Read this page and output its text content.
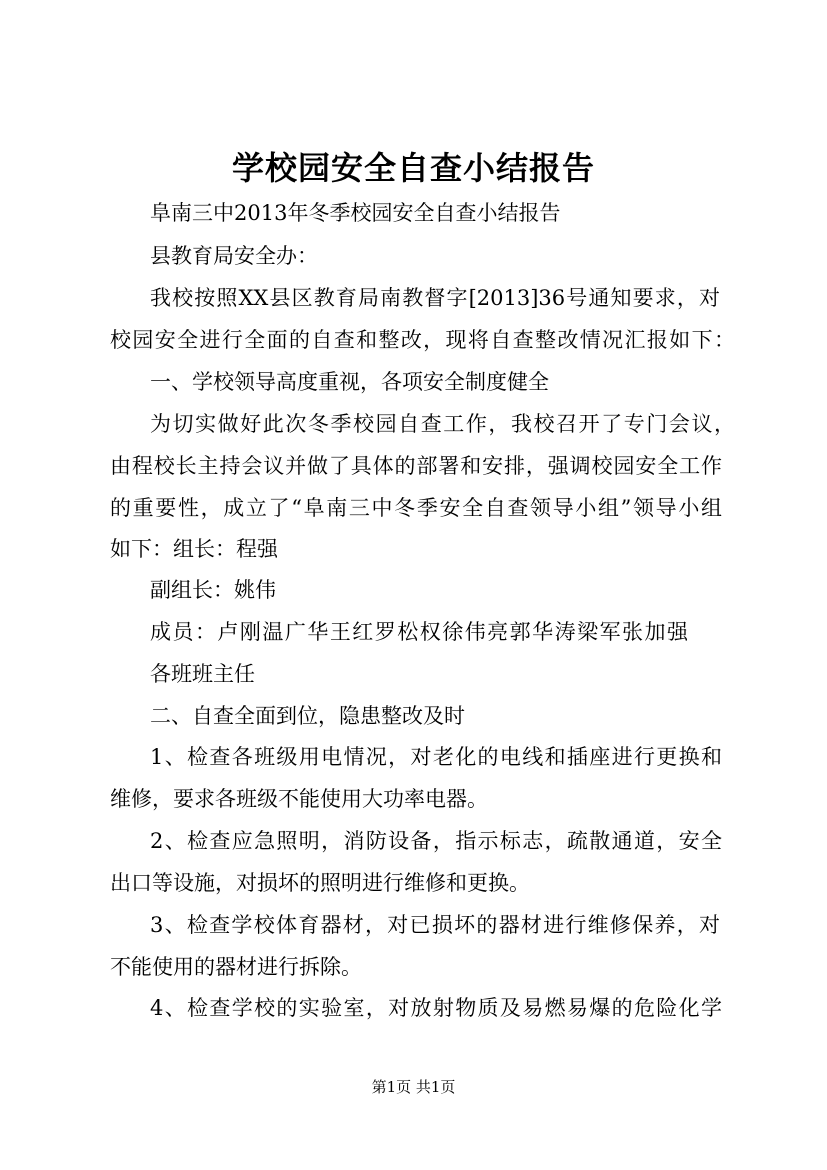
学校园安全自查小结报告
阜南三中2013年冬季校园安全自查小结报告
县教育局安全办：
我校按照XX县区教育局南教督字[2013]36号通知要求，对
校园安全进行全面的自查和整改，现将自查整改情况汇报如下：
一、学校领导高度重视，各项安全制度健全
为切实做好此次冬季校园自查工作，我校召开了专门会议，
由程校长主持会议并做了具体的部署和安排，强调校园安全工作
的重要性，成立了“阜南三中冬季安全自查领导小组”领导小组
如下：组长：程强
副组长：姚伟
成员：卢刚温广华王红罗松权徐伟亮郭华涛梁军张加强
各班班主任
二、自查全面到位，隐患整改及时
1、检查各班级用电情况，对老化的电线和插座进行更换和
维修，要求各班级不能使用大功率电器。
2、检查应急照明，消防设备，指示标志，疏散通道，安全
出口等设施，对损坏的照明进行维修和更换。
3、检查学校体育器材，对已损坏的器材进行维修保养，对
不能使用的器材进行拆除。
4、检查学校的实验室，对放射物质及易燃易爆的危险化学
第1页 共1页
